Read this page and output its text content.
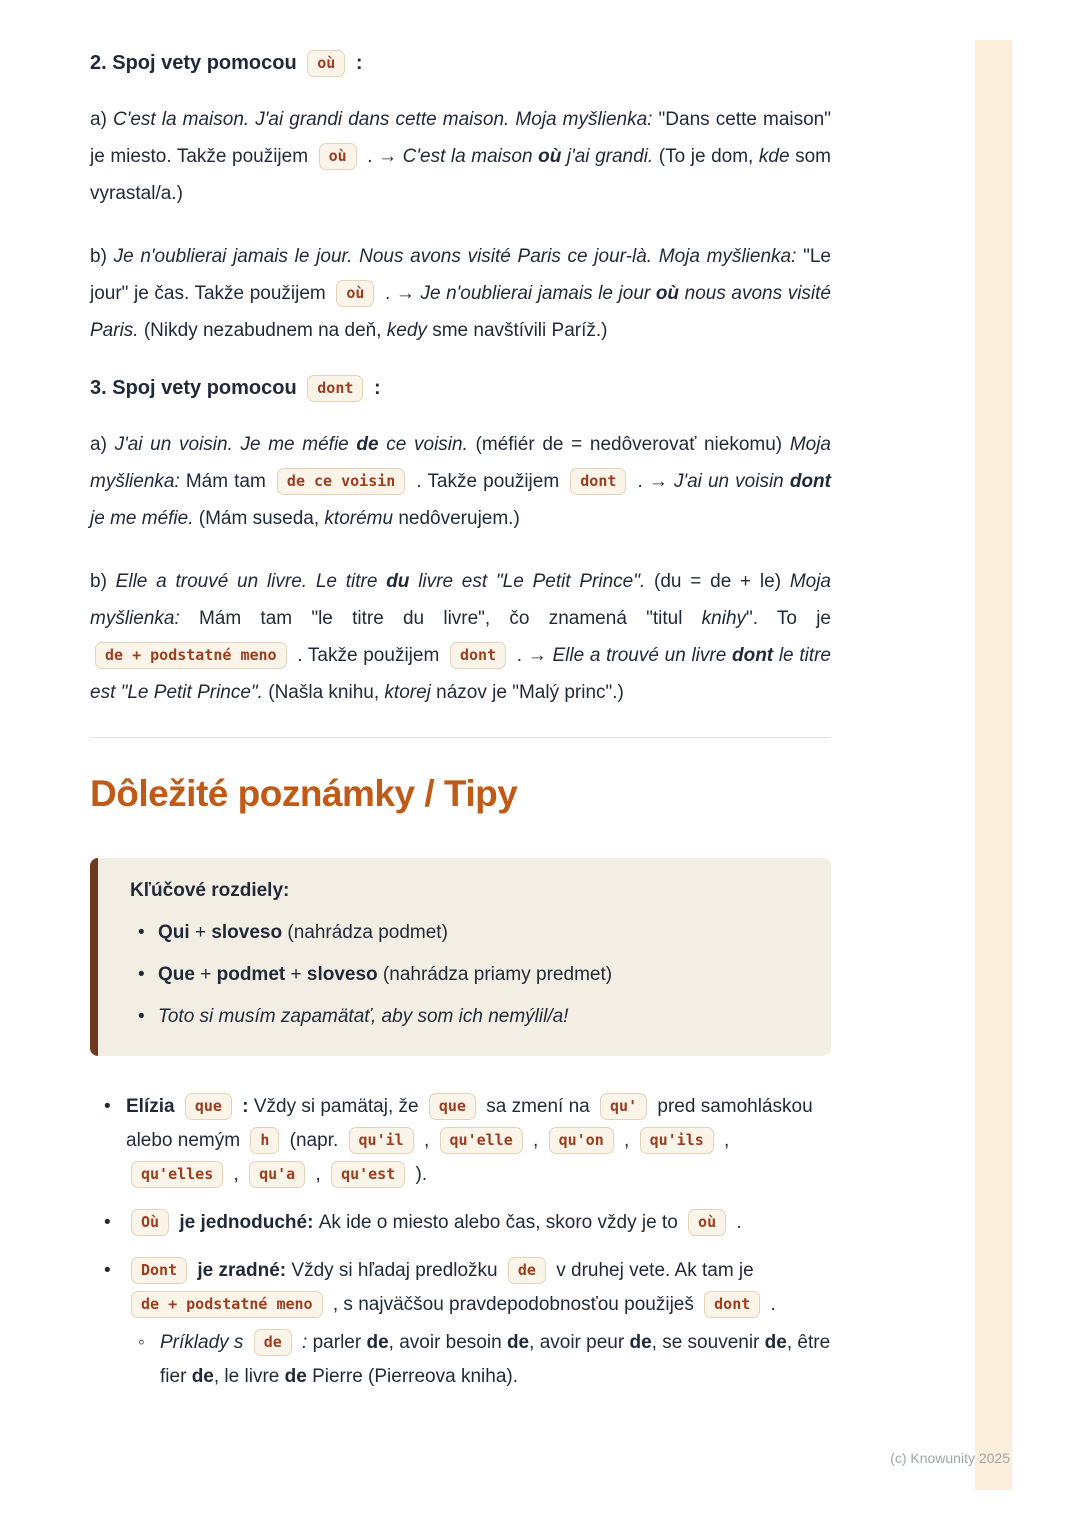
2. Spoj vety pomocou où :

a) C'est la maison. J'ai grandi dans cette maison. Moja myšlienka: "Dans cette maison" je miesto. Takže použijem où . → C'est la maison où j'ai grandi. (To je dom, kde som vyrastal/a.)

b) Je n'oublierai jamais le jour. Nous avons visité Paris ce jour-là. Moja myšlienka: "Le jour" je čas. Takže použijem où . → Je n'oublierai jamais le jour où nous avons visité Paris. (Nikdy nezabudnem na deň, kedy sme navštívili Paríž.)

3. Spoj vety pomocou dont :

a) J'ai un voisin. Je me méfie de ce voisin. (méfiér de = nedôverovať niekomu) Moja myšlienka: Mám tam de ce voisin . Takže použijem dont . → J'ai un voisin dont je me méfie. (Mám suseda, ktorému nedôverujem.)

b) Elle a trouvé un livre. Le titre du livre est "Le Petit Prince". (du = de + le) Moja myšlienka: Mám tam "le titre du livre", čo znamená "titul knihy". To je de + podstatné meno . Takže použijem dont . → Elle a trouvé un livre dont le titre est "Le Petit Prince". (Našla knihu, ktorej názov je "Malý princ".)

Dôležité poznámky / Tipy

Kľúčové rozdiely:

• Qui + sloveso (nahrádza podmet)
• Que + podmet + sloveso (nahrádza priamy predmet)
• Toto si musím zapamätať, aby som ich nemýlil/a!
• Elízia que : Vždy si pamätaj, že que sa zmení na qu' pred samohláskou alebo nemým h (napr. qu'il , qu'elle , qu'on , qu'ils , qu'elles , qu'a , qu'est ).
• Où je jednoduché: Ak ide o miesto alebo čas, skoro vždy je to où .
• Dont je zradné: Vždy si hľadaj predložku de v druhej vete. Ak tam je de + podstatné meno , s najväčšou pravdepodobnosťou použiješ dont .
◦ Príklady s de : parler de, avoir besoin de, avoir peur de, se souvenir de, être fier de, le livre de Pierre (Pierreova kniha).
(c) Knowunity 2025
